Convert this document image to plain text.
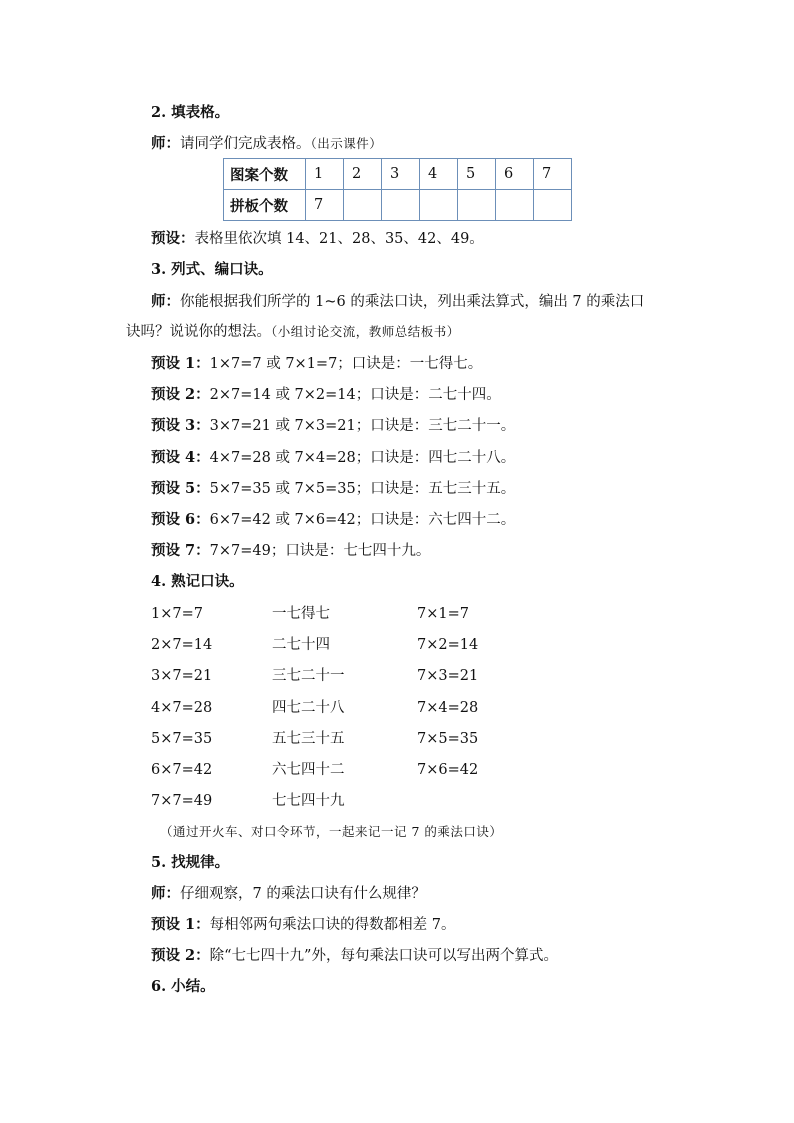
2. 填表格。
师：请同学们完成表格。（出示课件）
图案个数	1	2	3	4	5	6	7
拼板个数	7						
预设：表格里依次填 14、21、28、35、42、49。
3. 列式、编口诀。
师：你能根据我们所学的 1~6 的乘法口诀，列出乘法算式，编出 7 的乘法口
诀吗？说说你的想法。（小组讨论交流，教师总结板书）
预设 1：1×7=7 或 7×1=7；口诀是：一七得七。
预设 2：2×7=14 或 7×2=14；口诀是：二七十四。
预设 3：3×7=21 或 7×3=21；口诀是：三七二十一。
预设 4：4×7=28 或 7×4=28；口诀是：四七二十八。
预设 5：5×7=35 或 7×5=35；口诀是：五七三十五。
预设 6：6×7=42 或 7×6=42；口诀是：六七四十二。
预设 7：7×7=49；口诀是：七七四十九。
4. 熟记口诀。
1×7=7	一七得七	7×1=7
2×7=14	二七十四	7×2=14
3×7=21	三七二十一	7×3=21
4×7=28	四七二十八	7×4=28
5×7=35	五七三十五	7×5=35
6×7=42	六七四十二	7×6=42
7×7=49	七七四十九
（通过开火车、对口令环节，一起来记一记 7 的乘法口诀）
5. 找规律。
师：仔细观察，7 的乘法口诀有什么规律？
预设 1：每相邻两句乘法口诀的得数都相差 7。
预设 2：除“七七四十九”外，每句乘法口诀可以写出两个算式。
6. 小结。
